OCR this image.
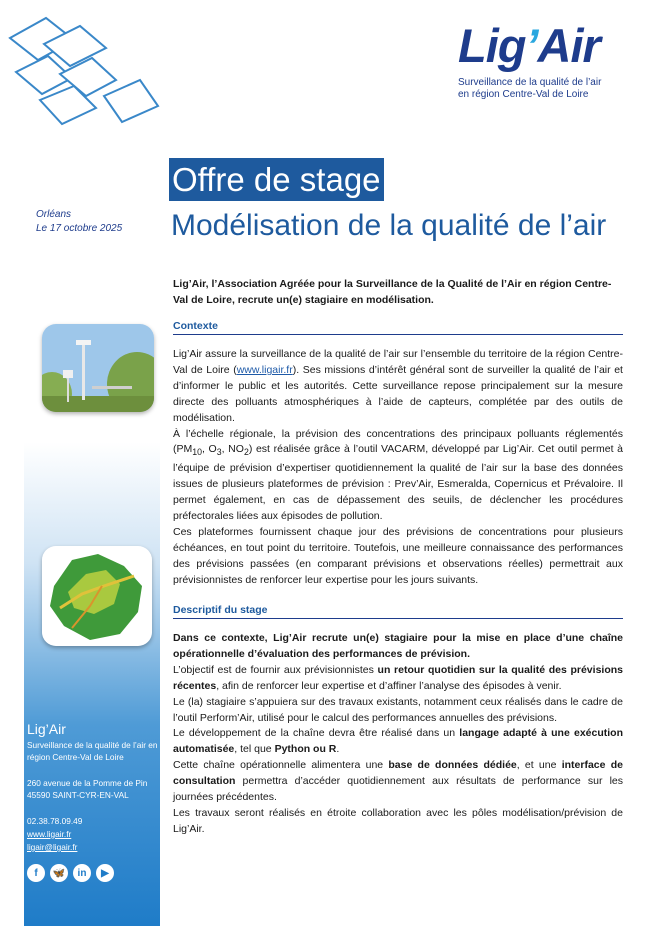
Lig’Air
Surveillance de la qualité de l’air
en région Centre-Val de Loire
Orléans
Le 17 octobre 2025
Offre de stage
Modélisation de la qualité de l’air
Lig’Air, l’Association Agréée pour la Surveillance de la Qualité de l’Air en région Centre-Val de Loire, recrute un(e) stagiaire en modélisation.
Contexte

Lig’Air assure la surveillance de la qualité de l’air sur l’ensemble du territoire de la région Centre-Val de Loire (www.ligair.fr). Ses missions d’intérêt général sont de surveiller la qualité de l’air et d’informer le public et les autorités. Cette surveillance repose principalement sur la mesure directe des polluants atmosphériques à l’aide de capteurs, complétée par des outils de modélisation.

À l’échelle régionale, la prévision des concentrations des principaux polluants réglementés ($PM_{10}$, $O_3$, $NO_2$) est réalisée grâce à l’outil VACARM, développé par Lig’Air. Cet outil permet à l’équipe de prévision d’expertiser quotidiennement la qualité de l’air sur la base des données issues de plusieurs plateformes de prévision : Prev’Air, Esmeralda, Copernicus et Prévaloire. Il permet également, en cas de dépassement des seuils, de déclencher les procédures préfectorales liées aux épisodes de pollution.

Ces plateformes fournissent chaque jour des prévisions de concentrations pour plusieurs échéances, en tout point du territoire. Toutefois, une meilleure connaissance des performances des prévisions passées (en comparant prévisions et observations réelles) permettrait aux prévisionnistes de renforcer leur expertise pour les jours suivants.

Descriptif du stage

Dans ce contexte, Lig’Air recrute un(e) stagiaire pour la mise en place d’une chaîne opérationnelle d’évaluation des performances de prévision.

L’objectif est de fournir aux prévisionnistes un retour quotidien sur la qualité des prévisions récentes, afin de renforcer leur expertise et d’affiner l’analyse des épisodes à venir.

Le (la) stagiaire s’appuiera sur des travaux existants, notamment ceux réalisés dans le cadre de l’outil Perform’Air, utilisé pour le calcul des performances annuelles des prévisions.

Le développement de la chaîne devra être réalisé dans un langage adapté à une exécution automatisée, tel que Python ou R.

Cette chaîne opérationnelle alimentera une base de données dédiée, et une interface de consultation permettra d’accéder quotidiennement aux résultats de performance sur les journées précédentes.

Les travaux seront réalisés en étroite collaboration avec les pôles modélisation/prévision de Lig’Air.

Lig’Air
Surveillance de la qualité de l’air en région Centre-Val de Loire
260 avenue de la Pomme de Pin
45590 SAINT-CYR-EN-VAL
02.38.78.09.49
www.ligair.fr
ligair@ligair.fr
f	🦋	in	▶
